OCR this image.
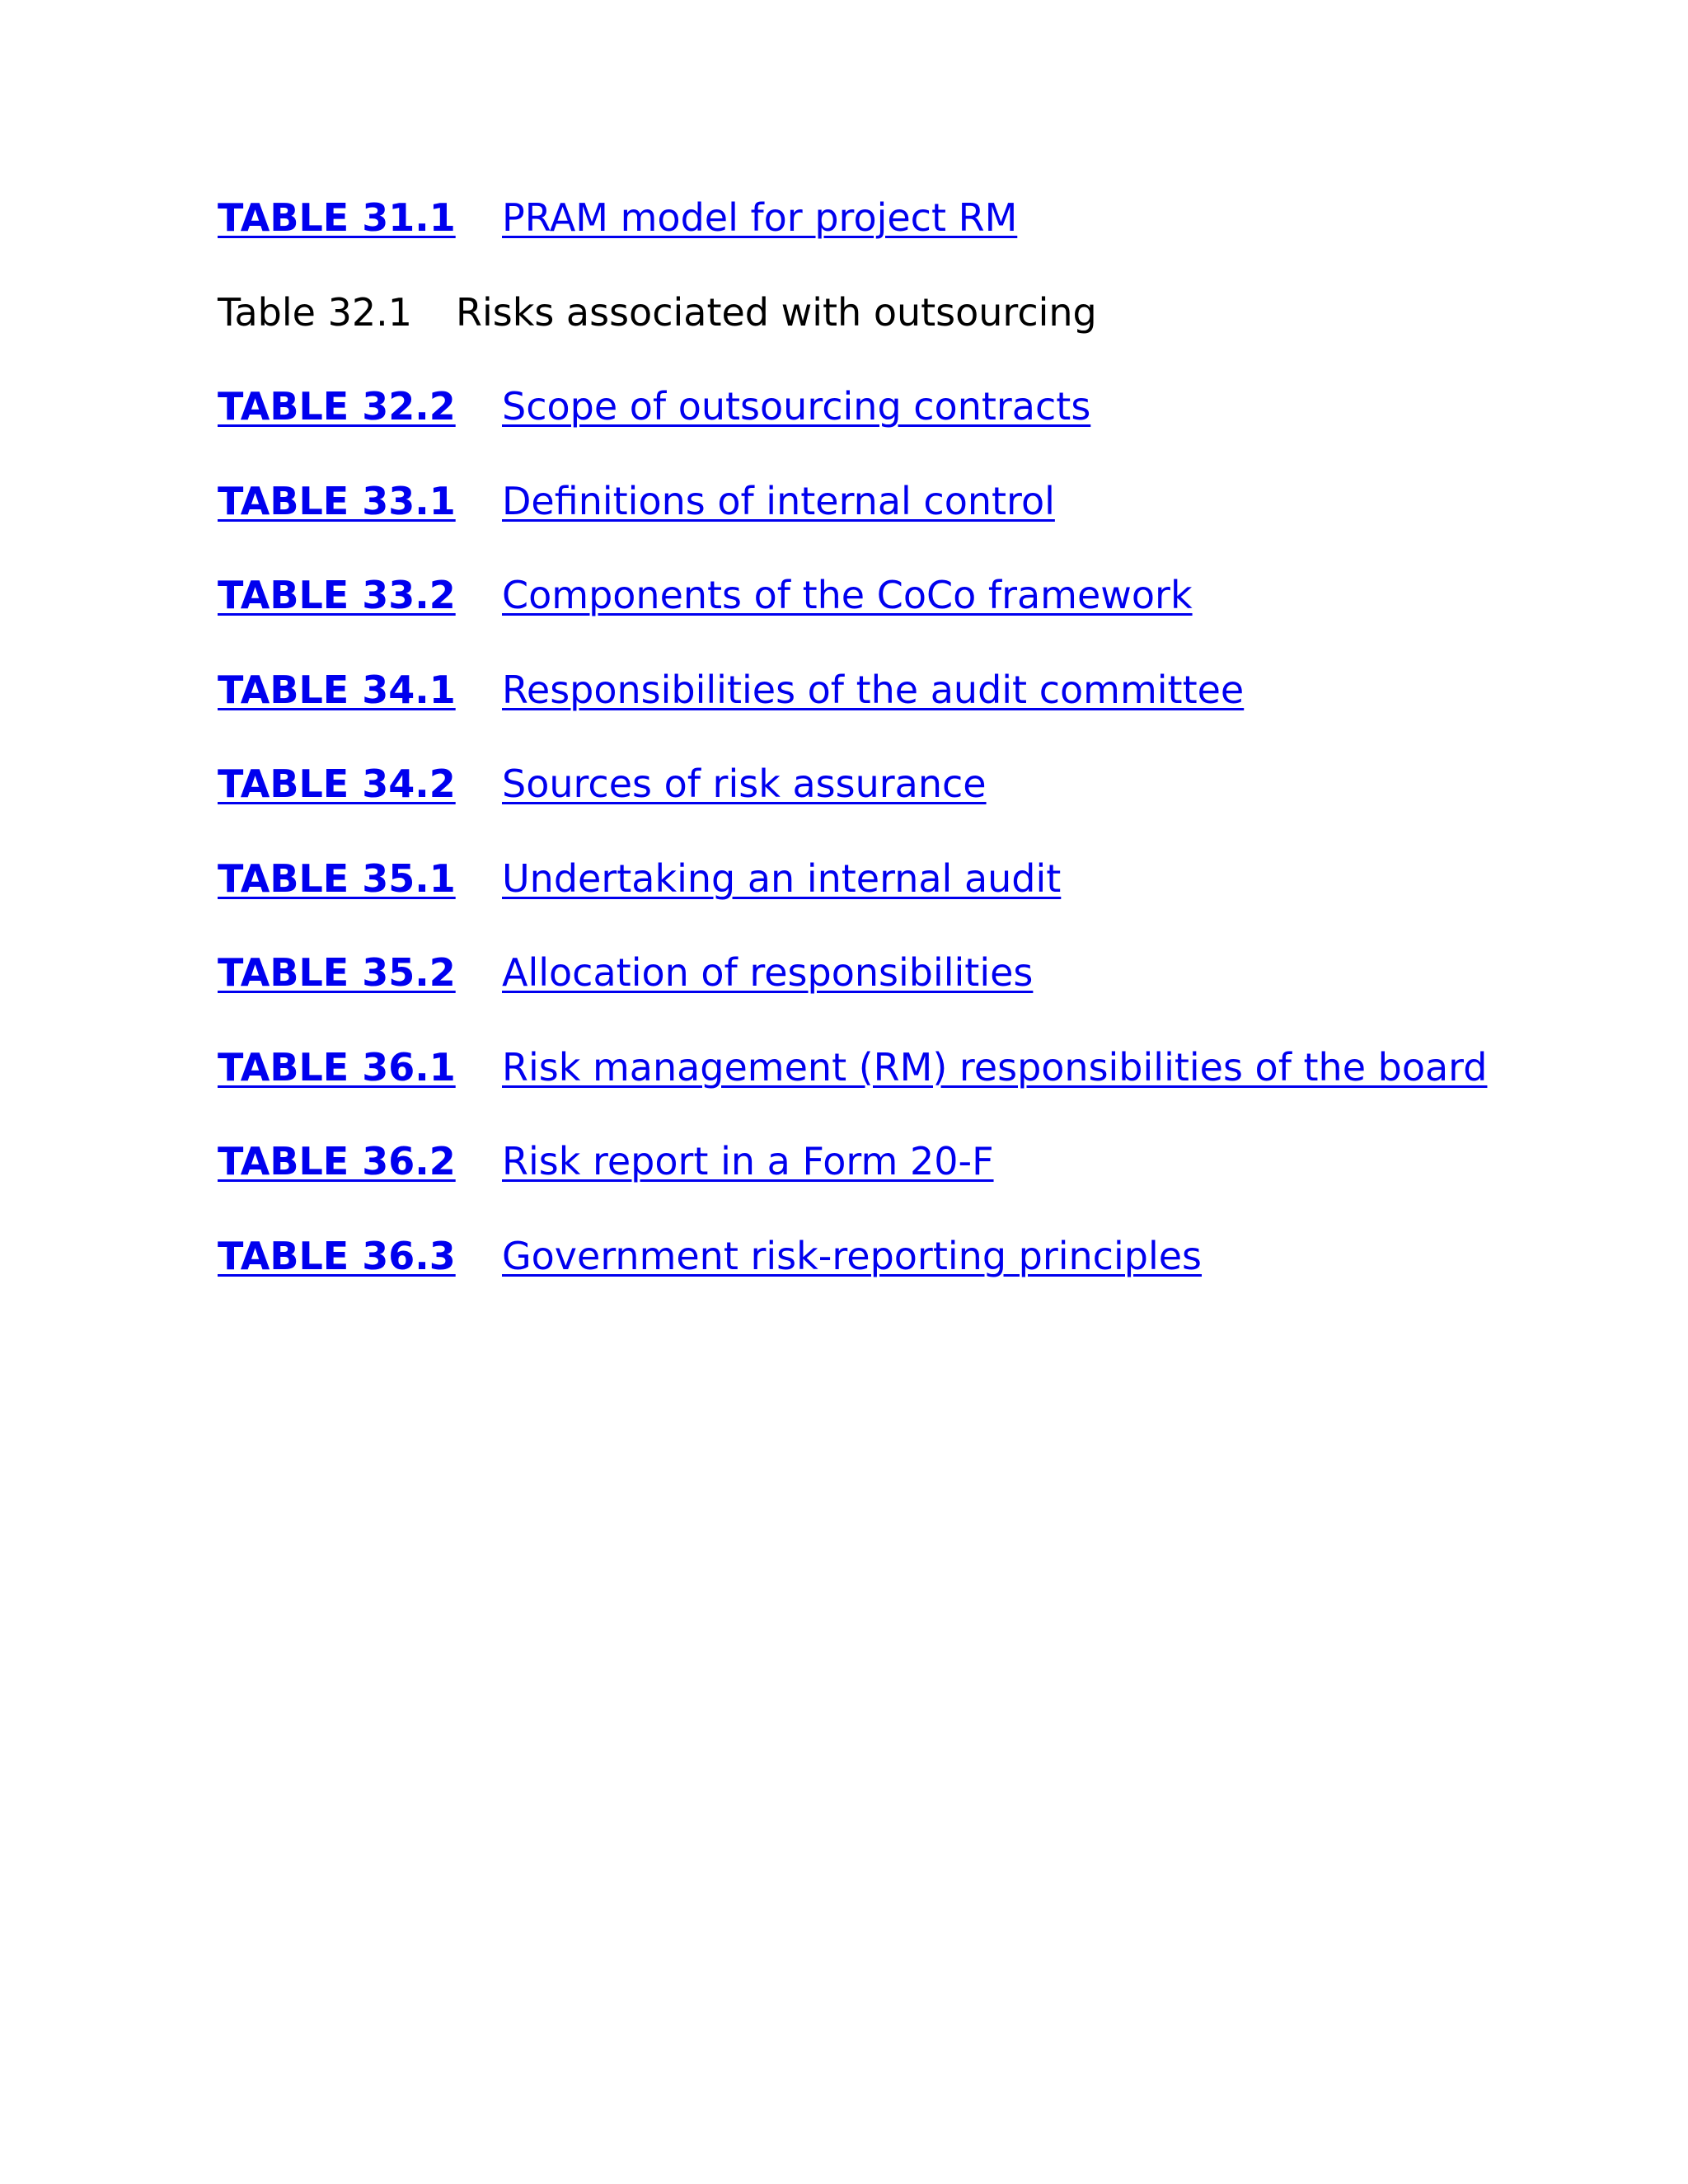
TABLE 31.1	PRAM model for project RM
Table 32.1	Risks associated with outsourcing
TABLE 32.2	Scope of outsourcing contracts
TABLE 33.1	Definitions of internal control
TABLE 33.2	Components of the CoCo framework
TABLE 34.1	Responsibilities of the audit committee
TABLE 34.2	Sources of risk assurance
TABLE 35.1	Undertaking an internal audit
TABLE 35.2	Allocation of responsibilities
TABLE 36.1	Risk management (RM) responsibilities of the board
TABLE 36.2	Risk report in a Form 20-F
TABLE 36.3	Government risk-reporting principles
